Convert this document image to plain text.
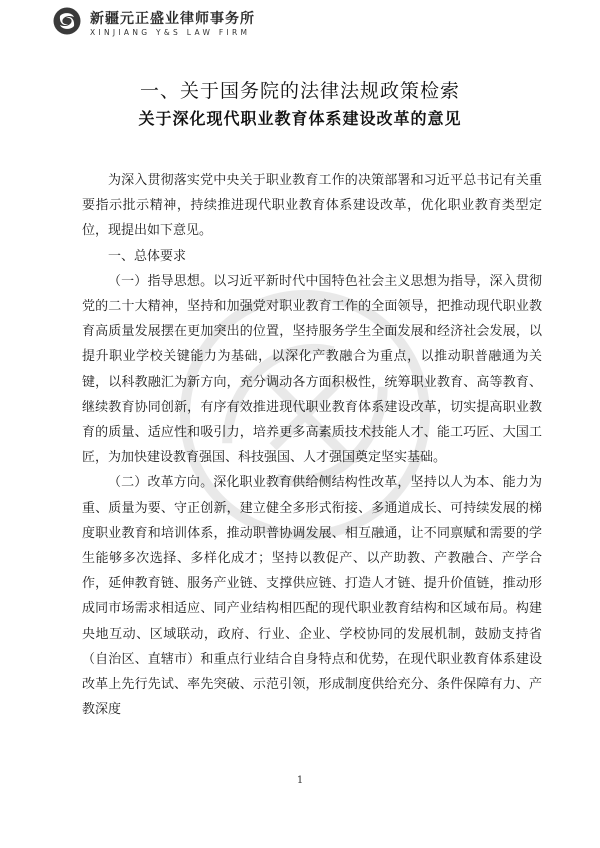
新疆元正盛业律师事务所
XINJIANG Y&S LAW FIRM
一、关于国务院的法律法规政策检索
关于深化现代职业教育体系建设改革的意见

为深入贯彻落实党中央关于职业教育工作的决策部署和习近平总书记有关重要指示批示精神，持续推进现代职业教育体系建设改革，优化职业教育类型定位，现提出如下意见。

一、总体要求

（一）指导思想。以习近平新时代中国特色社会主义思想为指导，深入贯彻党的二十大精神，坚持和加强党对职业教育工作的全面领导，把推动现代职业教育高质量发展摆在更加突出的位置，坚持服务学生全面发展和经济社会发展，以提升职业学校关键能力为基础，以深化产教融合为重点，以推动职普融通为关键，以科教融汇为新方向，充分调动各方面积极性，统筹职业教育、高等教育、继续教育协同创新，有序有效推进现代职业教育体系建设改革，切实提高职业教育的质量、适应性和吸引力，培养更多高素质技术技能人才、能工巧匠、大国工匠，为加快建设教育强国、科技强国、人才强国奠定坚实基础。

（二）改革方向。深化职业教育供给侧结构性改革，坚持以人为本、能力为重、质量为要、守正创新，建立健全多形式衔接、多通道成长、可持续发展的梯度职业教育和培训体系，推动职普协调发展、相互融通，让不同禀赋和需要的学生能够多次选择、多样化成才；坚持以教促产、以产助教、产教融合、产学合作，延伸教育链、服务产业链、支撑供应链、打造人才链、提升价值链，推动形成同市场需求相适应、同产业结构相匹配的现代职业教育结构和区域布局。构建央地互动、区域联动，政府、行业、企业、学校协同的发展机制，鼓励支持省（自治区、直辖市）和重点行业结合自身特点和优势，在现代职业教育体系建设改革上先行先试、率先突破、示范引领，形成制度供给充分、条件保障有力、产教深度

1
